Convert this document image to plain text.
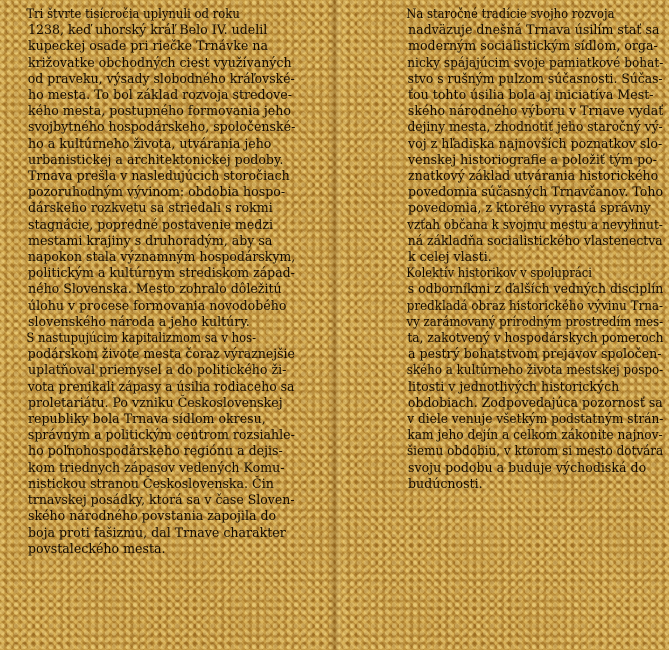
Tri štvrte tisícročia uplynuli od roku
1238, keď uhorský kráľ Belo IV. udelil
kupeckej osade pri riečke Trnávke na
križovatke obchodných ciest využívaných
od praveku, výsady slobodného kráľovské-
ho mesta. To bol základ rozvoja stredove-
kého mesta, postupného formovania jeho
svojbytného hospodárskeho, spoločenské-
ho a kultúrneho života, utvárania jeho
urbanistickej a architektonickej podoby.
Trnava prešla v nasledujúcich storočiach
pozoruhodným vývinom: obdobia hospo-
dárskeho rozkvetu sa striedali s rokmi
stagnácie, popredné postavenie medzi
mestami krajiny s druhoradým, aby sa
napokon stala významným hospodárskym,
politickým a kultúrnym strediskom západ-
ného Slovenska. Mesto zohralo dôležitú
úlohu v procese formovania novodobého
slovenského národa a jeho kultúry.

S nastupujúcim kapitalizmom sa v hos-
podárskom živote mesta čoraz výraznejšie
uplatňoval priemysel a do politického ži-
vota prenikali zápasy a úsilia rodiaceho sa
proletariátu. Po vzniku Československej
republiky bola Trnava sídlom okresu,
správnym a politickým centrom rozsiahle-
ho poľnohospodárskeho regiónu a dejis-
kom triednych zápasov vedených Komu-
nistickou stranou Československa. Čin
trnavskej posádky, ktorá sa v čase Sloven-
ského národného povstania zapojila do
boja proti fašizmu, dal Trnave charakter
povstaleckého mesta.

Na staročné tradície svojho rozvoja
nadväzuje dnešná Trnava úsilím stať sa
moderným socialistickým sídlom, orga-
nicky spájajúcim svoje pamiatkové bohat-
stvo s rušným pulzom súčasnosti. Súčas-
ťou tohto úsilia bola aj iniciatíva Mest-
ského národného výboru v Trnave vydať
dejiny mesta, zhodnotiť jeho staročný vý-
voj z hľadiska najnovších poznatkov slo-
venskej historiografie a položiť tým po-
znatkový základ utvárania historického
povedomia súčasných Trnavčanov. Toho
povedomia, z ktorého vyrastá správny
vzťah občana k svojmu mestu a nevyhnut-
ná základňa socialistického vlastenectva
k celej vlasti.

Kolektív historikov v spolupráci
s odborníkmi z ďalších vedných disciplín
predkladá obraz historického vývinu Trna-
vy zarámovaný prírodným prostredím mes-
ta, zakotvený v hospodárskych pomeroch
a pestrý bohatstvom prejavov spoločen-
ského a kultúrneho života mestskej pospo-
litosti v jednotlivých historických
obdobiach. Zodpovedajúca pozornosť sa
v diele venuje všetkým podstatným strán-
kam jeho dejín a celkom zákonite najnov-
šiemu obdobiu, v ktorom si mesto dotvára
svoju podobu a buduje východiská do
budúcnosti.
